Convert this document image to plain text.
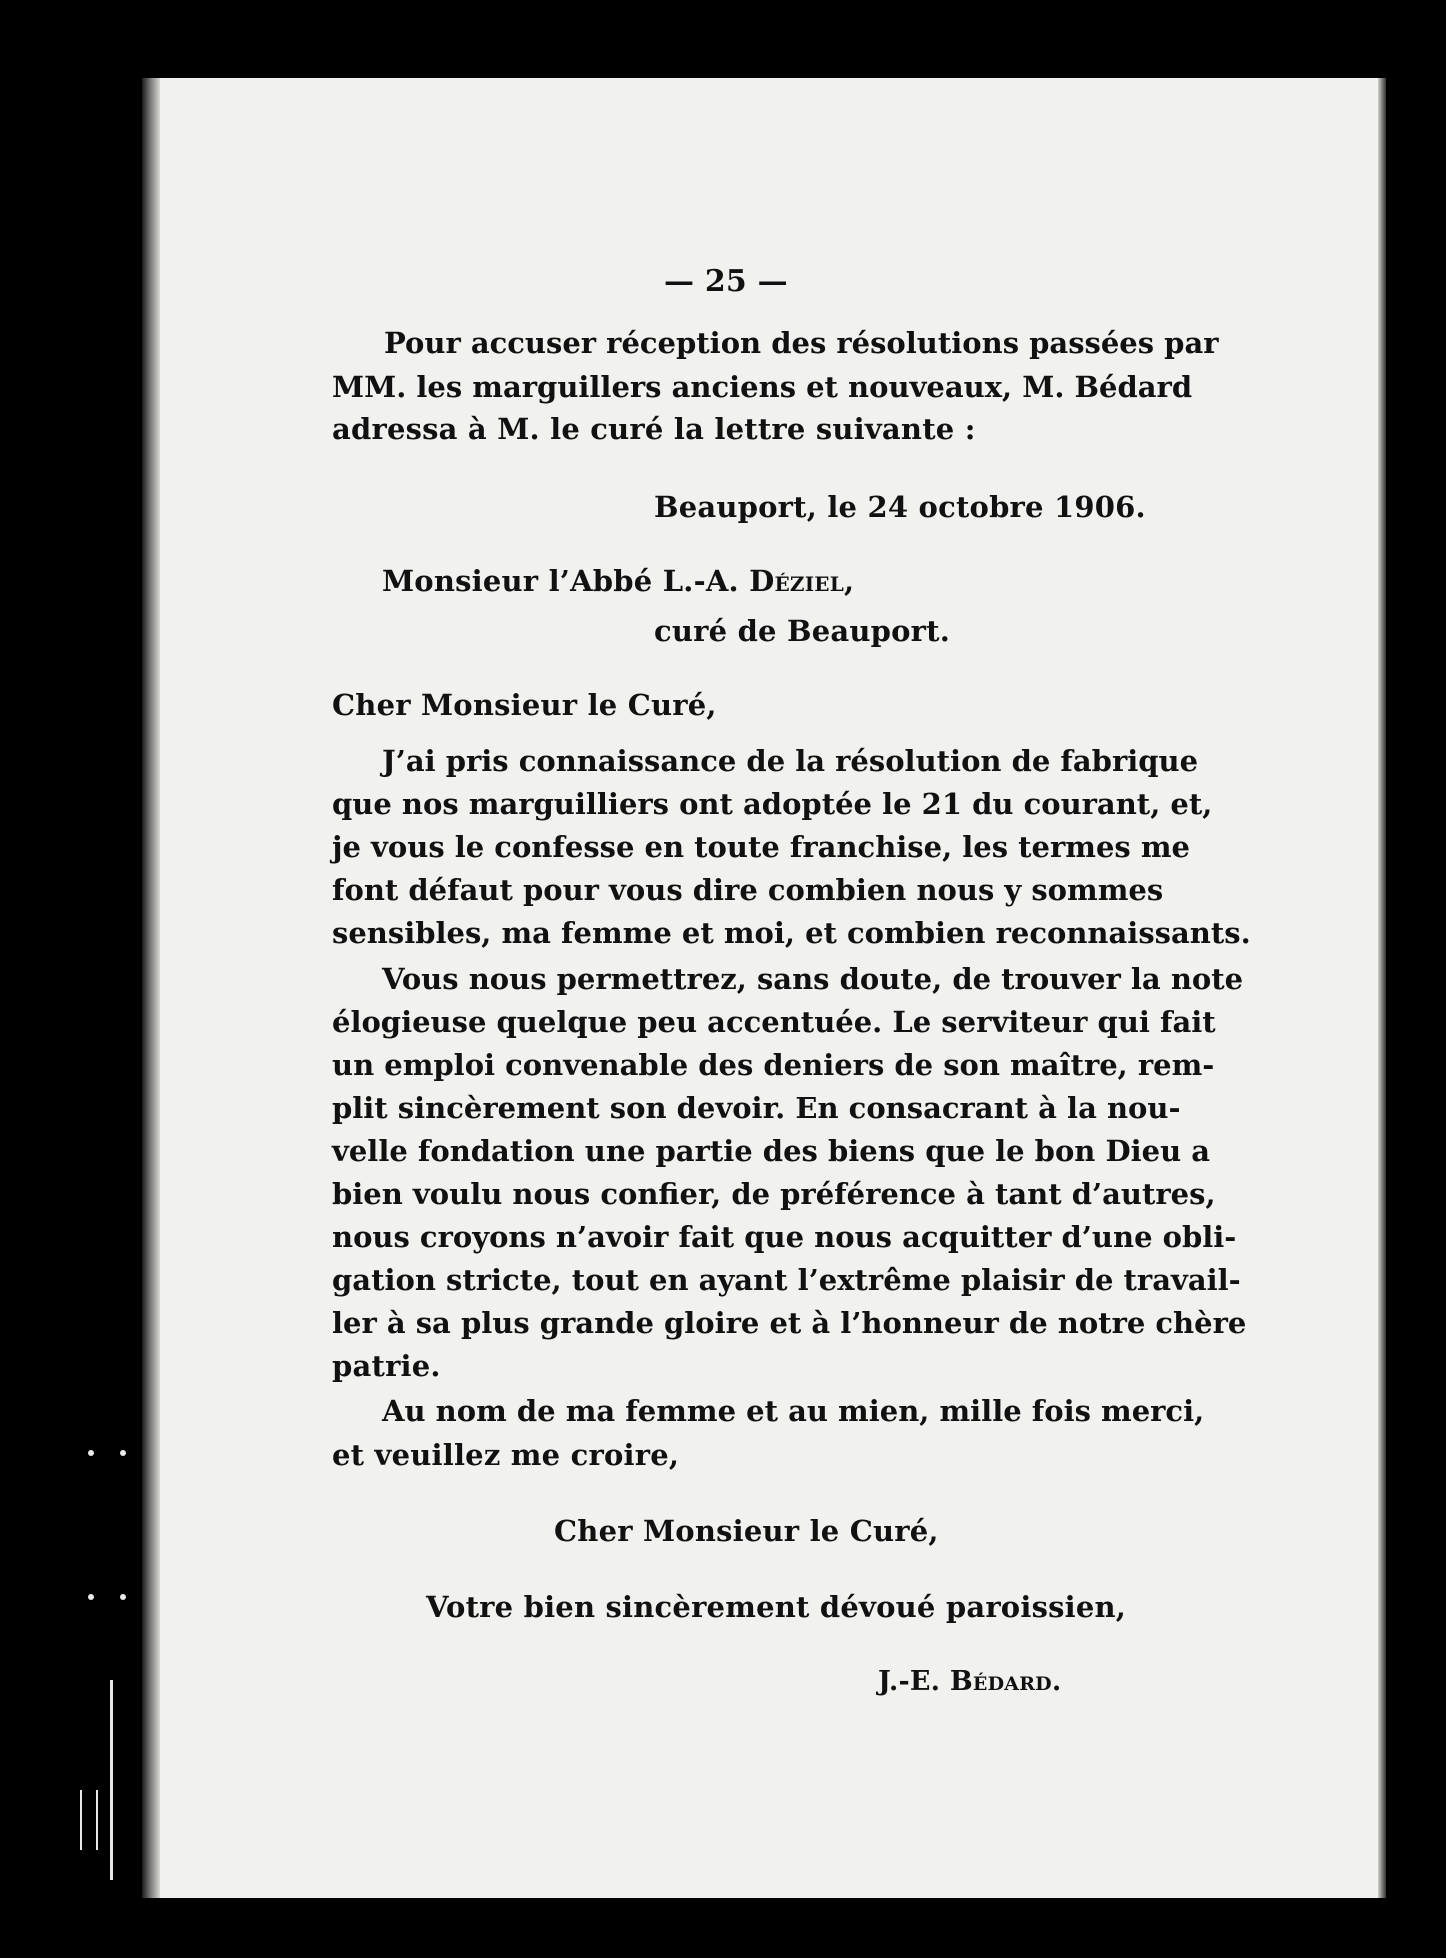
— 25 —
Pour accuser réception des résolutions passées par
MM. les marguillers anciens et nouveaux, M. Bédard
adressa à M. le curé la lettre suivante :
Beauport, le 24 octobre 1906.
Monsieur l’Abbé L.-A. Déziel,
curé de Beauport.
Cher Monsieur le Curé,
J’ai pris connaissance de la résolution de fabrique
que nos marguilliers ont adoptée le 21 du courant, et,
je vous le confesse en toute franchise, les termes me
font défaut pour vous dire combien nous y sommes
sensibles, ma femme et moi, et combien reconnaissants.
Vous nous permettrez, sans doute, de trouver la note
élogieuse quelque peu accentuée. Le serviteur qui fait
un emploi convenable des deniers de son maître, rem-
plit sincèrement son devoir. En consacrant à la nou-
velle fondation une partie des biens que le bon Dieu a
bien voulu nous confier, de préférence à tant d’autres,
nous croyons n’avoir fait que nous acquitter d’une obli-
gation stricte, tout en ayant l’extrême plaisir de travail-
ler à sa plus grande gloire et à l’honneur de notre chère
patrie.
Au nom de ma femme et au mien, mille fois merci,
et veuillez me croire,
Cher Monsieur le Curé,
Votre bien sincèrement dévoué paroissien,
J.-E. Bédard.
